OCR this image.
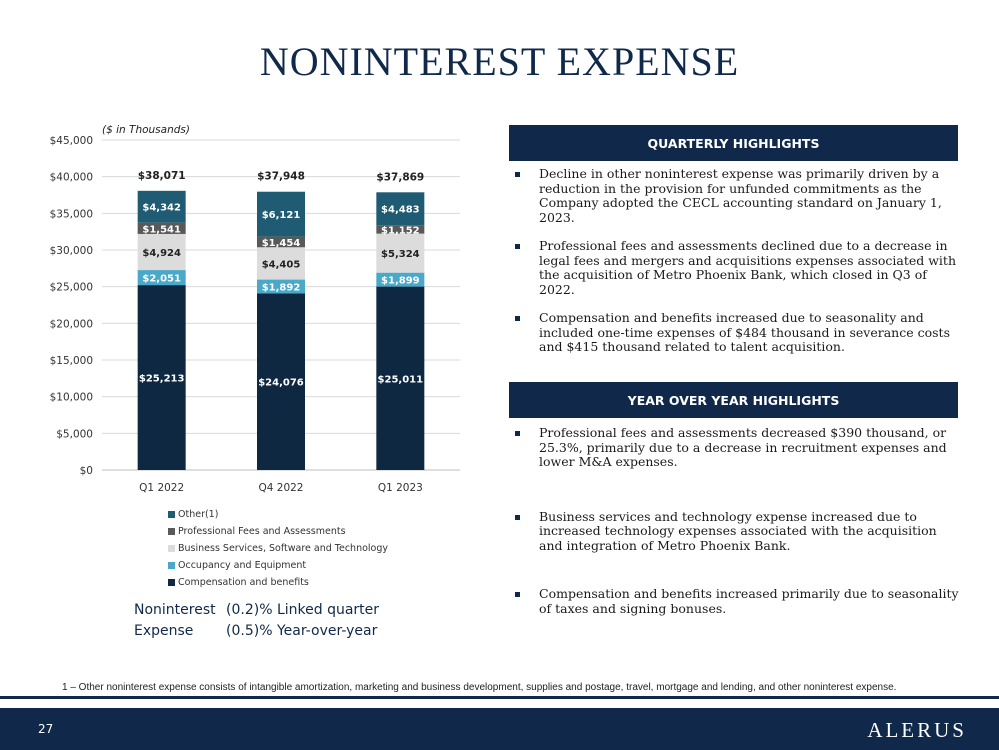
NONINTEREST EXPENSE
($ in Thousands)
$0
$5,000
$10,000
$15,000
$20,000
$25,000
$30,000
$35,000
$40,000
$45,000
$25,213
$2,051
$4,924
$1,541
$4,342
$38,071
Q1 2022
$24,076
$1,892
$4,405
$1,454
$6,121
$37,948
Q4 2022
$25,011
$1,899
$5,324
$1,152
$4,483
$37,869
Q1 2023
Other(1)
Professional Fees and Assessments
Business Services, Software and Technology
Occupancy and Equipment
Compensation and benefits
Noninterest (0.2)% Linked quarter
Expense	(0.5)% Year-over-year
QUARTERLY HIGHLIGHTS
Decline in other noninterest expense was primarily driven by a reduction in the provision for unfunded commitments as the Company adopted the CECL accounting standard on January 1, 2023.
Professional fees and assessments declined due to a decrease in legal fees and mergers and acquisitions expenses associated with the acquisition of Metro Phoenix Bank, which closed in Q3 of 2022.
Compensation and benefits increased due to seasonality and included one-time expenses of $484 thousand in severance costs and $415 thousand related to talent acquisition.
YEAR OVER YEAR HIGHLIGHTS
Professional fees and assessments decreased $390 thousand, or 25.3%, primarily due to a decrease in recruitment expenses and lower M&A expenses.
Business services and technology expense increased due to increased technology expenses associated with the acquisition and integration of Metro Phoenix Bank.
Compensation and benefits increased primarily due to seasonality of taxes and signing bonuses.
1 – Other noninterest expense consists of intangible amortization, marketing and business development, supplies and postage, travel, mortgage and lending, and other noninterest expense.
27	ALERUS
